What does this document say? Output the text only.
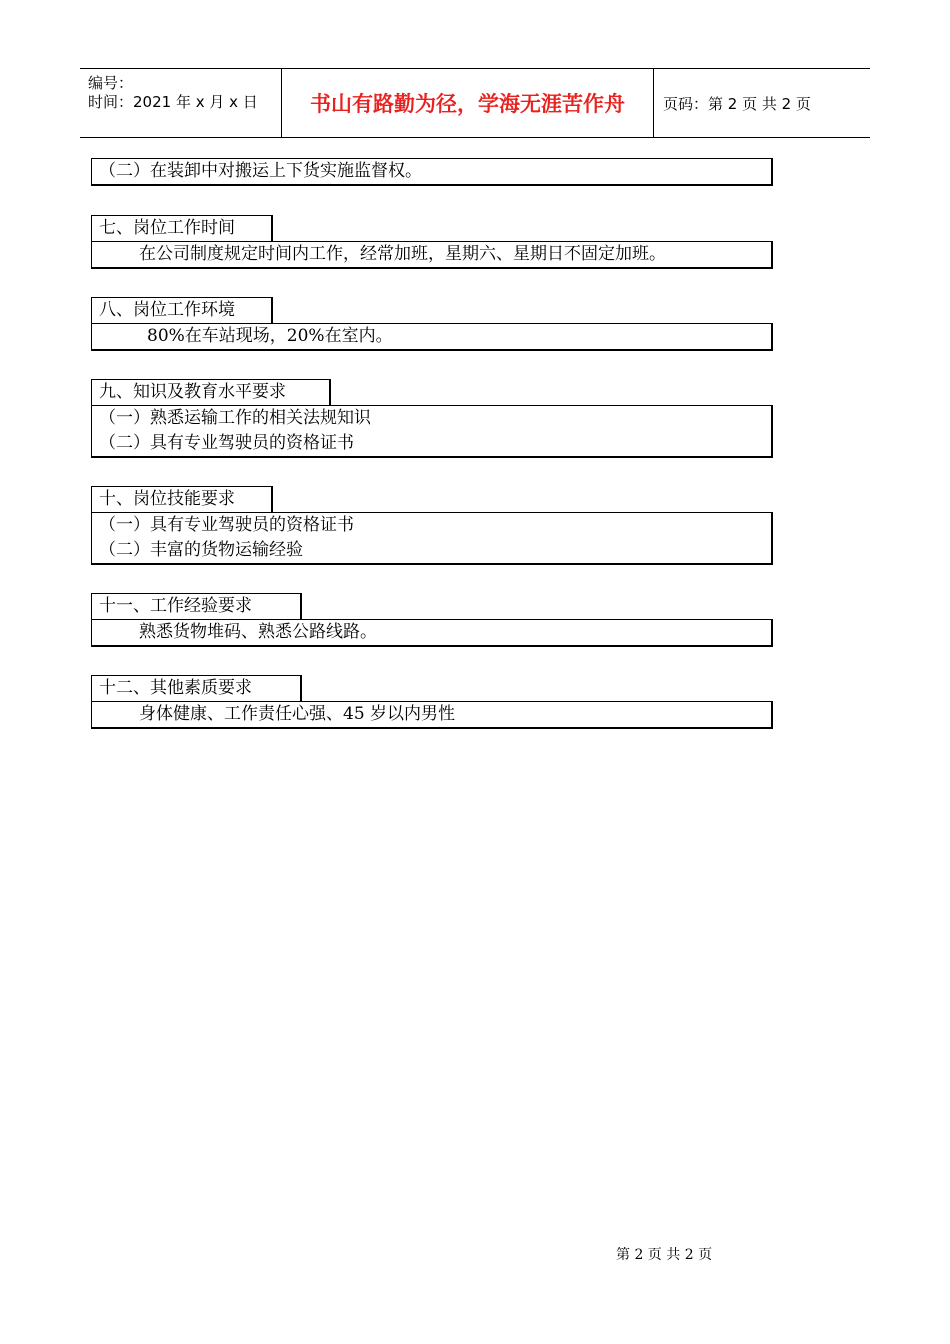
编号：
时间：2021 年 x 月 x 日	书山有路勤为径，学海无涯苦作舟	页码：第 2 页 共 2 页
（二）在装卸中对搬运上下货实施监督权。
七、岗位工作时间
在公司制度规定时间内工作，经常加班，星期六、星期日不固定加班。
八、岗位工作环境
80%在车站现场，20%在室内。
九、知识及教育水平要求
（一）熟悉运输工作的相关法规知识
（二）具有专业驾驶员的资格证书
十、岗位技能要求
（一）具有专业驾驶员的资格证书
（二）丰富的货物运输经验
十一、工作经验要求
熟悉货物堆码、熟悉公路线路。
十二、其他素质要求
身体健康、工作责任心强、45 岁以内男性
第 2 页 共 2 页
